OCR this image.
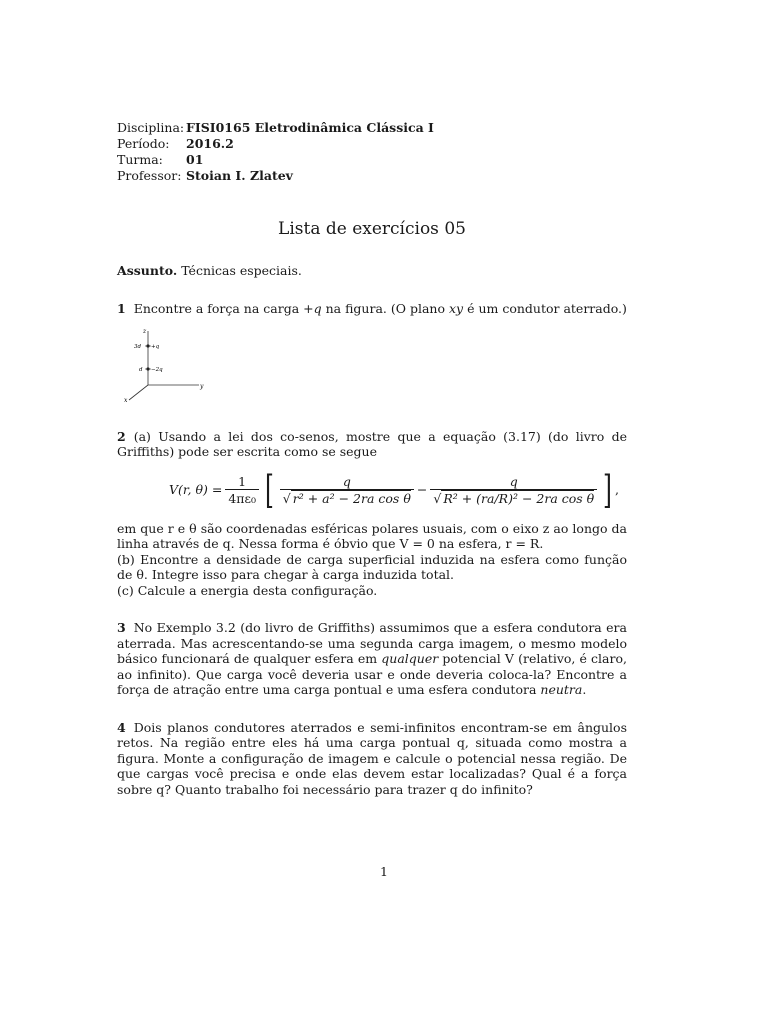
Disciplina: FISI0165 Eletrodinâmica Clássica I
Período:	2016.2
Turma:	01
Professor: Stoian I. Zlatev
Lista de exercícios 05
Assunto. Técnicas especiais.
1 Encontre a força na carga +q na figura. (O plano xy é um condutor aterrado.)
z
y
x
3d
d
+q
−2q
2 (a) Usando a lei dos co-senos, mostre que a equação (3.17) (do livro de Griffiths) pode ser escrita como se segue
V(r, $\theta) = \frac{1}{\text{4πε₀}}$ [ $\frac{q}{\text{√ r² + a² − 2ra cos θ}} - \frac{q}{\text{√ R² + (ra/R)² − 2ra cos θ}}$ ] ,
em que r e θ são coordenadas esféricas polares usuais, com o eixo z ao longo da linha através de q. Nessa forma é óbvio que V = 0 na esfera, r = R.
(b) Encontre a densidade de carga superficial induzida na esfera como função de θ. Integre isso para chegar à carga induzida total.
(c) Calcule a energia desta configuração.
3 No Exemplo 3.2 (do livro de Griffiths) assumimos que a esfera condutora era aterrada. Mas acrescentando-se uma segunda carga imagem, o mesmo modelo básico funcionará de qualquer esfera em qualquer potencial V (relativo, é claro, ao infinito). Que carga você deveria usar e onde deveria coloca-la? Encontre a força de atração entre uma carga pontual e uma esfera condutora neutra.
4 Dois planos condutores aterrados e semi-infinitos encontram-se em ângulos retos. Na região entre eles há uma carga pontual q, situada como mostra a figura. Monte a configuração de imagem e calcule o potencial nessa região. De que cargas você precisa e onde elas devem estar localizadas? Qual é a força sobre q? Quanto trabalho foi necessário para trazer q do infinito?
1
